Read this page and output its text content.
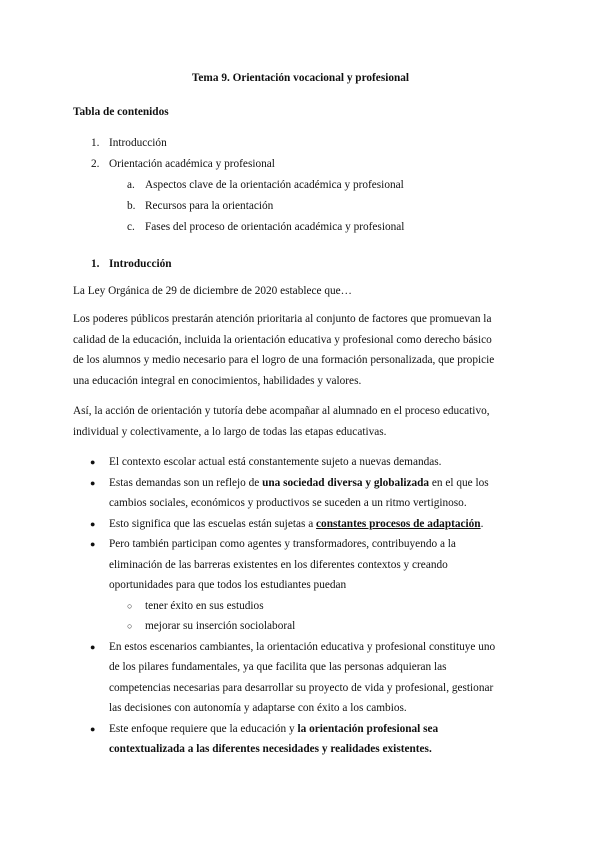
Tema 9. Orientación vocacional y profesional

Tabla de contenidos

1. Introducción
2. Orientación académica y profesional
a. Aspectos clave de la orientación académica y profesional
b. Recursos para la orientación
c. Fases del proceso de orientación académica y profesional
1. Introducción

La Ley Orgánica de 29 de diciembre de 2020 establece que…

Los poderes públicos prestarán atención prioritaria al conjunto de factores que promuevan la
calidad de la educación, incluida la orientación educativa y profesional como derecho básico
de los alumnos y medio necesario para el logro de una formación personalizada, que propicie
una educación integral en conocimientos, habilidades y valores.

Así, la acción de orientación y tutoría debe acompañar al alumnado en el proceso educativo,
individual y colectivamente, a lo largo de todas las etapas educativas.

● El contexto escolar actual está constantemente sujeto a nuevas demandas.
● Estas demandas son un reflejo de una sociedad diversa y globalizada en el que los
cambios sociales, económicos y productivos se suceden a un ritmo vertiginoso.
● Esto significa que las escuelas están sujetas a constantes procesos de adaptación.
● Pero también participan como agentes y transformadores, contribuyendo a la
eliminación de las barreras existentes en los diferentes contextos y creando
oportunidades para que todos los estudiantes puedan
○ tener éxito en sus estudios
○ mejorar su inserción sociolaboral
● En estos escenarios cambiantes, la orientación educativa y profesional constituye uno
de los pilares fundamentales, ya que facilita que las personas adquieran las
competencias necesarias para desarrollar su proyecto de vida y profesional, gestionar
las decisiones con autonomía y adaptarse con éxito a los cambios.
● Este enfoque requiere que la educación y la orientación profesional sea
contextualizada a las diferentes necesidades y realidades existentes.
